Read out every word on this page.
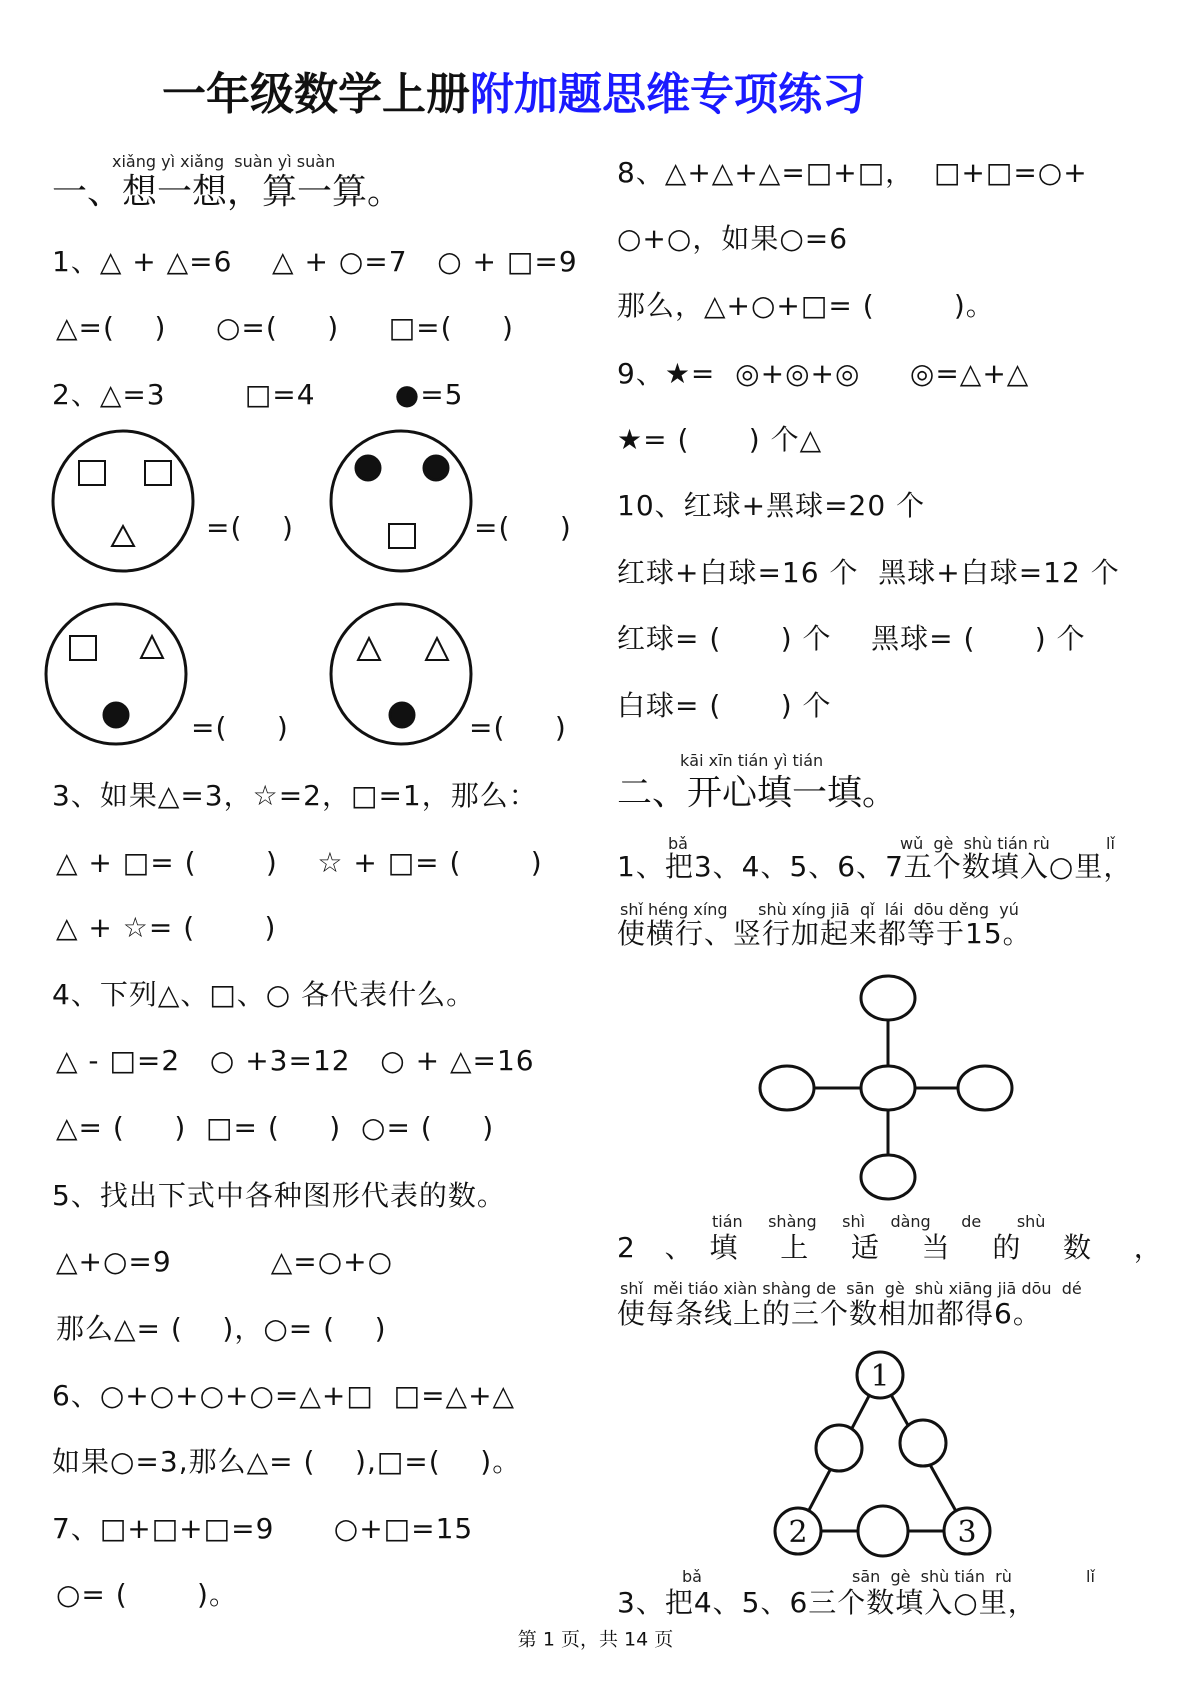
一年级数学上册附加题思维专项练习
xiǎng yì xiǎng  suàn yì suàn
一、想一想，算一算。
1、△ + △=6    △ + ○=7   ○ + □=9
△=(    )     ○=(     )     □=(     )
2、△=3        □=4        ●=5
=(    )	=(     )
=(     )	=(     )
3、如果△=3，☆=2，□=1，那么：
△ + □= (       )    ☆ + □= (       )
△ + ☆= (       )
4、下列△、□、○ 各代表什么。
△ - □=2   ○ +3=12   ○ + △=16
△= (     )  □= (     )  ○= (     )
5、找出下式中各种图形代表的数。
△+○=9          △=○+○
那么△= (    )，○= (    )
6、○+○+○+○=△+□  □=△+△
如果○=3,那么△= (    ),□=(    )。
7、□+□+□=9      ○+□=15
○= (       )。
8、△+△+△=□+□，  □+□=○+
○+○，如果○=6
那么，△+○+□= (        )。
9、★=  ◎+◎+◎     ◎=△+△
★= (      ) 个△
10、红球+黑球=20 个
红球+白球=16 个  黑球+白球=12 个
红球= (      ) 个    黑球= (      ) 个
白球= (      ) 个
kāi xīn tián yì tián
二、开心填一填。
bǎ	wǔ  gè  shù tián rù	lǐ
1、把3、4、5、6、7五个数填入○里，
shǐ héng xíng      shù xíng jiā  qǐ  lái  dōu děng  yú
使横行、竖行加起来都等于15。
tián     shàng     shì     dàng      de       shù
2  、 填   上   适   当   的   数   ，
shǐ  měi tiáo xiàn shàng de  sān  gè  shù xiāng jiā dōu  dé
使每条线上的三个数相加都得6。
bǎ	sān  gè  shù tián  rù	lǐ
3、把4、5、6三个数填入○里，
第 1 页，共 14 页
1
2	3
